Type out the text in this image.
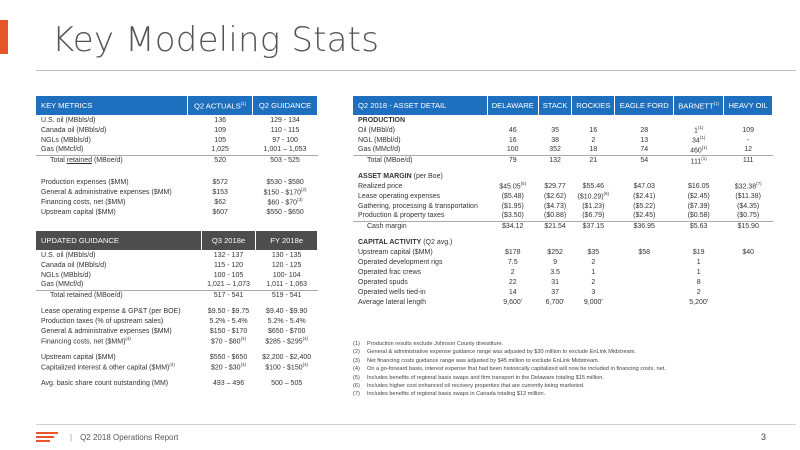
Key Modeling Stats
KEY METRICS	Q2 ACTUALS$^{(1)}$	Q2 GUIDANCE
U.S. oil (MBbls/d)	136	129 - 134
Canada oil (MBbls/d)	109	110 - 115
NGLs (MBbls/d)	105	97 - 100
Gas (MMcf/d)	1,025	1,001 – 1,053
Total retained (MBoe/d)	520	503 - 525

Production expenses ($MM)	$572	$530 - $580
General & administrative expenses ($MM)	$153	$150 - $170$^{(2)}$
Financing costs, net ($MM)	$62	$60 - $70$^{(3)}$
Upstream capital ($MM)	$607	$550 - $650
UPDATED GUIDANCE	Q3 2018e	FY 2018e
U.S. oil (MBbls/d)	132 - 137	130 - 135
Canada oil (MBbls/d)	115 - 120	120 - 125
NGLs (MBbls/d)	100 - 105	100- 104
Gas (MMcf/d)	1,021 – 1,073	1,011 - 1,063
Total retained (MBoe/d)	517 - 541	519 - 541

Lease operating expense & GP&T (per BOE)	$9.50 - $9.75	$9.40 - $9.90
Production taxes (% of upstream sales)	5.2% - 5.4%	5.2% - 5.4%
General & administrative expenses ($MM)	$150 - $170	$650 - $700
Financing costs, net ($MM)$^{(4)}$	$70 - $80$^{(4)}$	$285 - $295$^{(4)}$

Upstream capital ($MM)	$550 - $650	$2,200 - $2,400
Capitalized interest & other capital ($MM)$^{(4)}$	$20 - $30$^{(4)}$	$100 - $150$^{(4)}$

Avg. basic share count outstanding (MM)	493 – 496	500 – 505
Q2 2018 - ASSET DETAIL	DELAWARE	STACK	ROCKIES	EAGLE FORD	BARNETT$^{(1)}$	HEAVY OIL
PRODUCTION						
Oil (MBbl/d)	46	35	16	28	1$^{(1)}$	109
NGL (MBbl/d)	16	38	2	13	34$^{(1)}$	-
Gas (MMcf/d)	100	352	18	74	460$^{(1)}$	12
Total (MBoe/d)	79	132	21	54	111$^{(1)}$	111

ASSET MARGIN (per Boe)						
Realized price	$45.05$^{(5)}$	$29.77	$55.46	$47.03	$16.05	$32.38$^{(7)}$
Lease operating expenses	($5.48)	($2.62)	($10.29)$^{(6)}$	($2.41)	($2.45)	($11.38)
Gathering, processing & transportation	($1.95)	($4.73)	($1.23)	($5.22)	($7.39)	($4.35)
Production & property taxes	($3.50)	($0.88)	($6.79)	($2.45)	($0.58)	($0.75)
Cash margin	$34.12	$21.54	$37.15	$36.95	$5.63	$15.90

CAPITAL ACTIVITY (Q2 avg.)						
Upstream capital ($MM)	$178	$252	$35	$58	$19	$40
Operated development rigs	7.5	9	2		1	
Operated frac crews	2	3.5	1		1	
Operated spuds	22	31	2		8	
Operated wells tied-in	14	37	3		2	
Average lateral length	9,600'	6,700'	9,000'		5,200'	
(1)	Production results exclude Johnson County divestiture.
(2)	General & administrative expense guidance range was adjusted by $30 million to exclude EnLink Midstream.
(3)	Net financing costs guidance range was adjusted by $45 million to exclude EnLink Midstream.
(4)	On a go-forward basis, interest expense that had been historically capitalized will now be included in financing costs, net.
(5)	Includes benefits of regional basis swaps and firm transport in the Delaware totaling $15 million.
(6)	Includes higher cost enhanced oil recovery properties that are currently being marketed.
(7)	Includes benefits of regional basis swaps in Canada totaling $12 million.
| Q2 2018 Operations Report	3
